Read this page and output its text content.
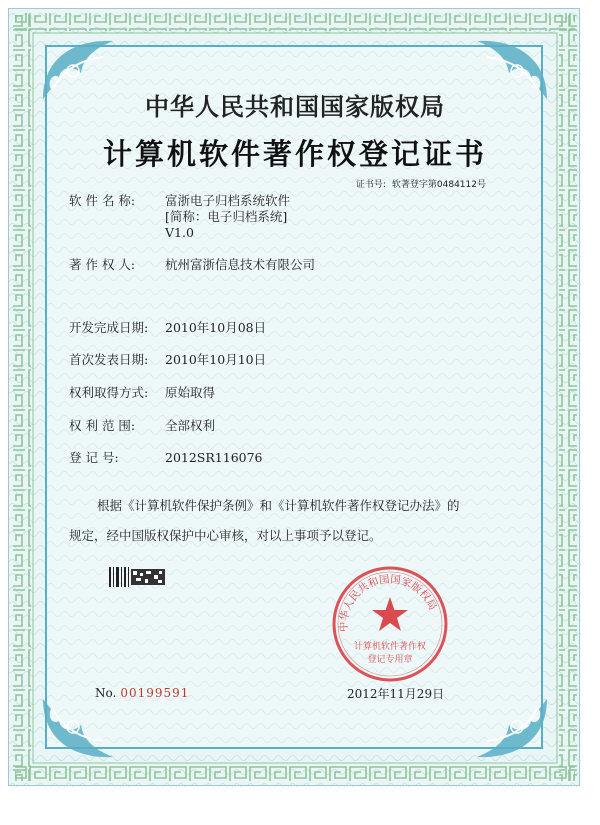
中华人民共和国国家版权局
计算机软件著作权登记证书
证书号: 软著登字第0484112号
软 件 名 称: 富浙电子归档系统软件
[简称：电子归档系统]
V1.0
著 作 权 人: 杭州富浙信息技术有限公司
开发完成日期: 2010年10月08日
首次发表日期: 2010年10月10日
权利取得方式: 原始取得
权 利 范 围: 全部权利
登 记 号:	2012SR116076
根据《计算机软件保护条例》和《计算机软件著作权登记办法》的
规定，经中国版权保护中心审核，对以上事项予以登记。
中华人民共和国国家版权局
计算机软件著作权
登记专用章
No. 00199591	2012年11月29日
